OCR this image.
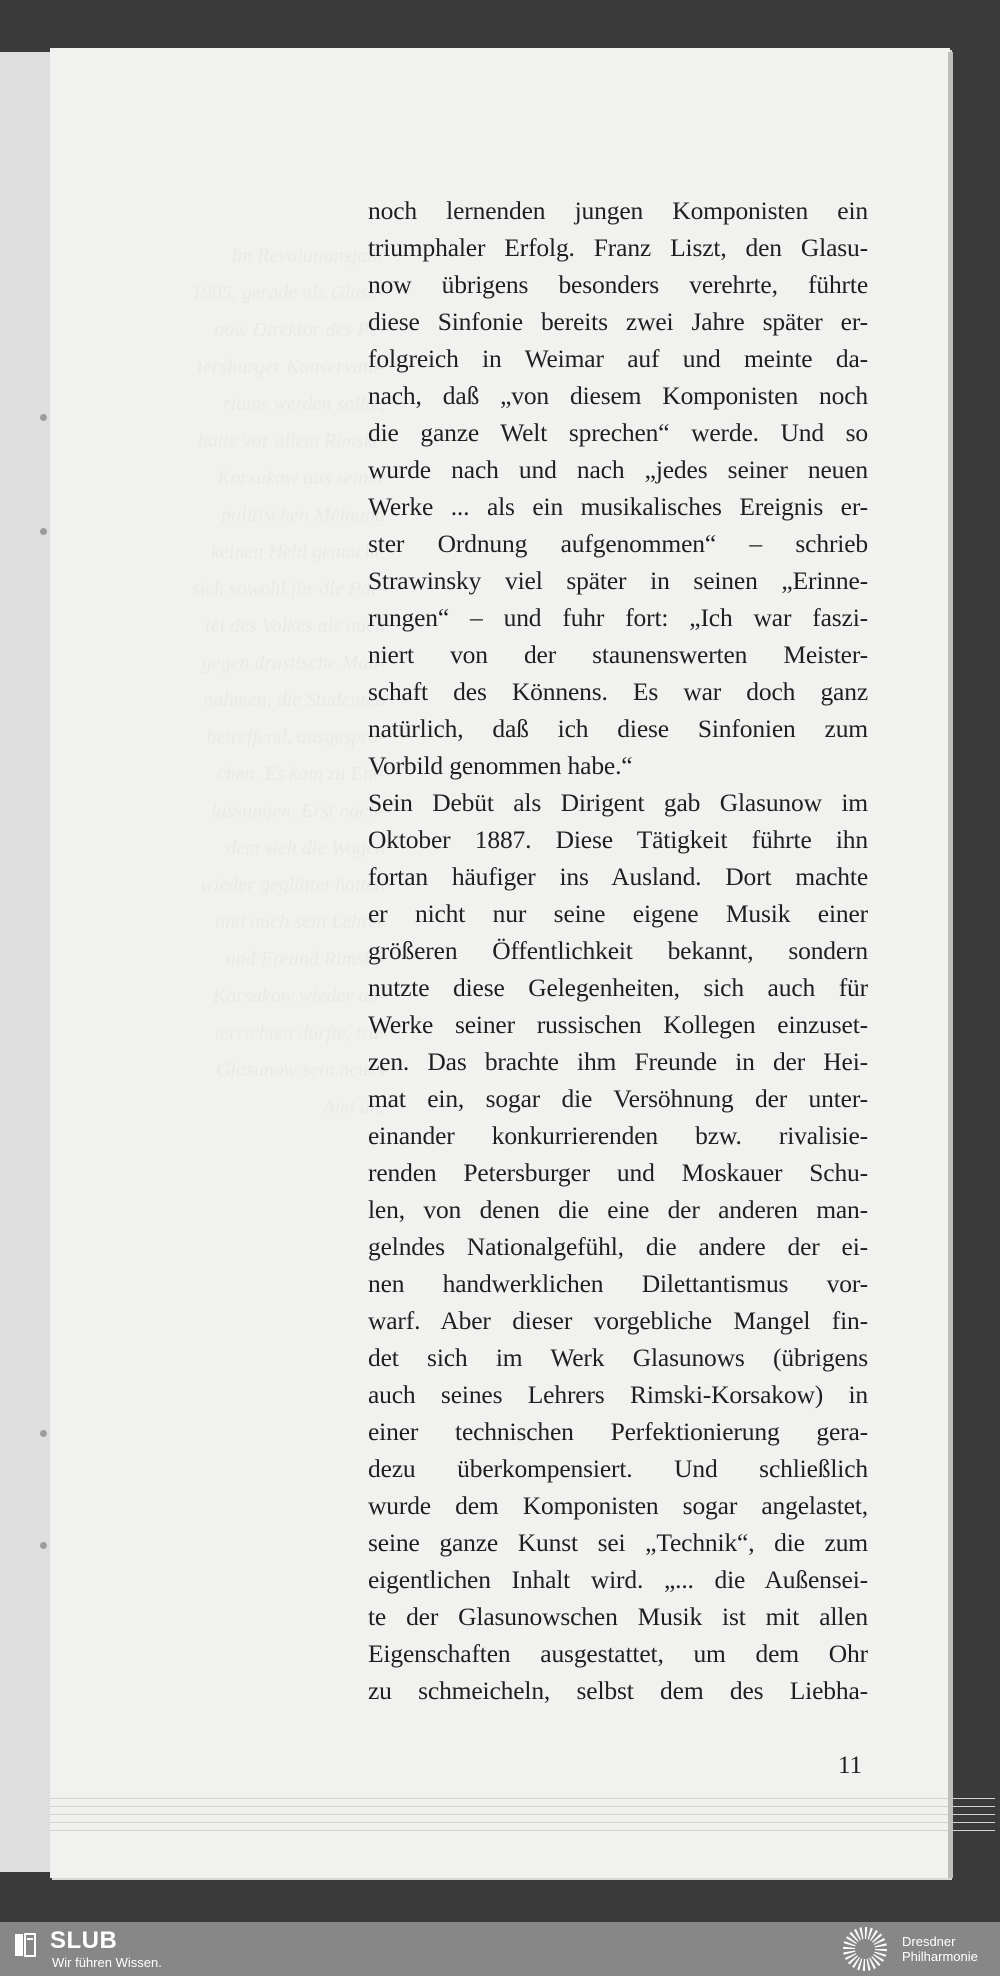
Im Revolutionsjahr
1905, gerade als Glasu-
now Direktor des Pe-
tersburger Konservato-
riums werden sollte,
hatte vor allem Rimski-
Korsakow aus seiner
politischen Meinung
keinen Hehl gemacht,
sich sowohl für die Par-
tei des Volkes als auch
gegen drastische Maß-
nahmen, die Studenten
betreffend, ausgespro-
chen. Es kam zu Ent-
lassungen. Erst nach-
dem sich die Wogen
wieder geglättet hatten
und auch sein Lehrer
und Freund Rimski-
Korsakow wieder un-
terrichten durfte, trat
Glasunow sein neues
Amt an.
noch lernenden jungen Komponisten ein
triumphaler Erfolg. Franz Liszt, den Glasu-
now übrigens besonders verehrte, führte
diese Sinfonie bereits zwei Jahre später er-
folgreich in Weimar auf und meinte da-
nach, daß „von diesem Komponisten noch
die ganze Welt sprechen“ werde. Und so
wurde nach und nach „jedes seiner neuen
Werke ... als ein musikalisches Ereignis er-
ster Ordnung aufgenommen“ – schrieb
Strawinsky viel später in seinen „Erinne-
rungen“ – und fuhr fort: „Ich war faszi-
niert von der staunenswerten Meister-
schaft des Könnens. Es war doch ganz
natürlich, daß ich diese Sinfonien zum
Vorbild genommen habe.“
Sein Debüt als Dirigent gab Glasunow im
Oktober 1887. Diese Tätigkeit führte ihn
fortan häufiger ins Ausland. Dort machte
er nicht nur seine eigene Musik einer
größeren Öffentlichkeit bekannt, sondern
nutzte diese Gelegenheiten, sich auch für
Werke seiner russischen Kollegen einzuset-
zen. Das brachte ihm Freunde in der Hei-
mat ein, sogar die Versöhnung der unter-
einander konkurrierenden bzw. rivalisie-
renden Petersburger und Moskauer Schu-
len, von denen die eine der anderen man-
gelndes Nationalgefühl, die andere der ei-
nen handwerklichen Dilettantismus vor-
warf. Aber dieser vorgebliche Mangel fin-
det sich im Werk Glasunows (übrigens
auch seines Lehrers Rimski-Korsakow) in
einer technischen Perfektionierung gera-
dezu überkompensiert. Und schließlich
wurde dem Komponisten sogar angelastet,
seine ganze Kunst sei „Technik“, die zum
eigentlichen Inhalt wird. „... die Außensei-
te der Glasunowschen Musik ist mit allen
Eigenschaften ausgestattet, um dem Ohr
zu schmeicheln, selbst dem des Liebha-
11
SLUB
Wir führen Wissen.
Dresdner
Philharmonie
